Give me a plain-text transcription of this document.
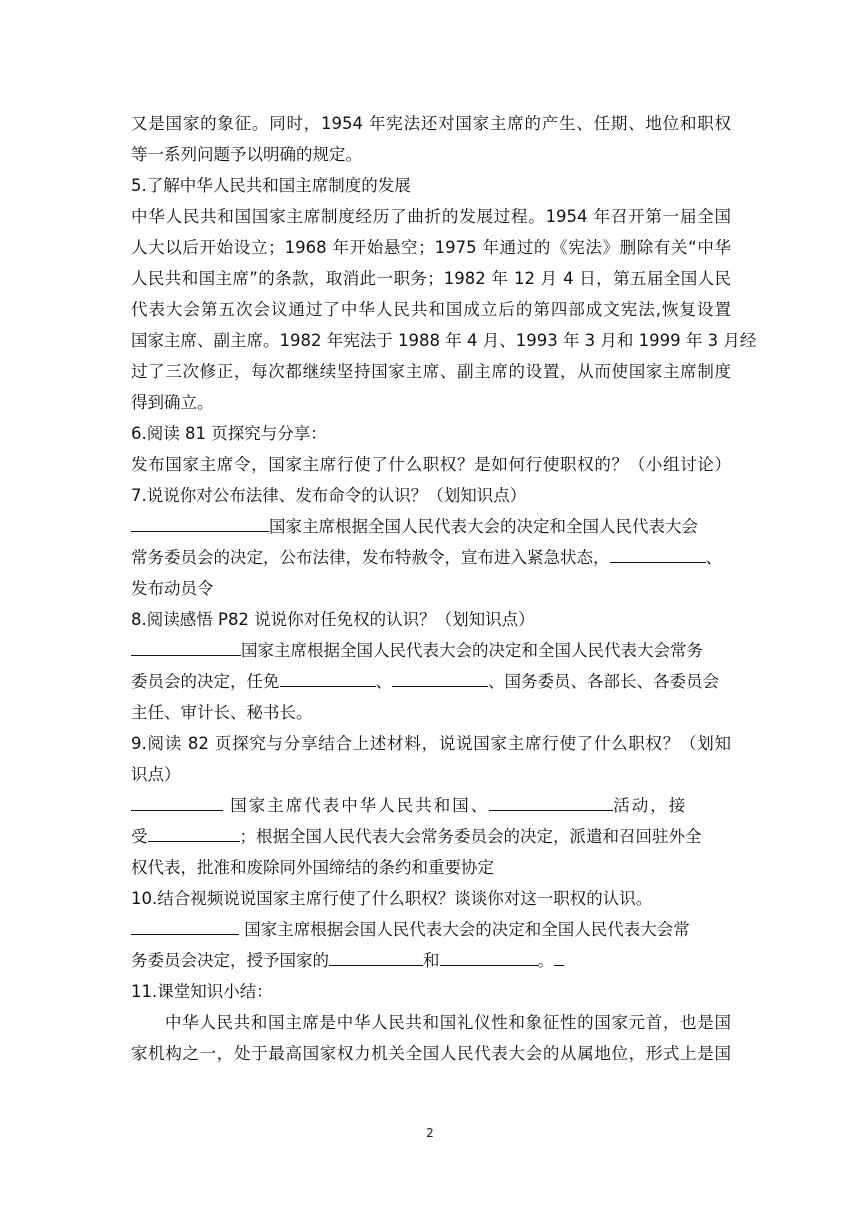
又是国家的象征。同时，1954 年宪法还对国家主席的产生、任期、地位和职权
等一系列问题予以明确的规定。
5.了解中华人民共和国主席制度的发展
中华人民共和国国家主席制度经历了曲折的发展过程。1954 年召开第一届全国
人大以后开始设立；1968 年开始悬空；1975 年通过的《宪法》删除有关“中华
人民共和国主席”的条款，取消此一职务；1982 年 12 月 4 日，第五届全国人民
代表大会第五次会议通过了中华人民共和国成立后的第四部成文宪法,恢复设置
国家主席、副主席。1982 年宪法于 1988 年 4 月、1993 年 3 月和 1999 年 3 月经
过了三次修正，每次都继续坚持国家主席、副主席的设置，从而使国家主席制度
得到确立。
6.阅读 81 页探究与分享：
发布国家主席令，国家主席行使了什么职权？是如何行使职权的？（小组讨论）
7.说说你对公布法律、发布命令的认识？（划知识点）
国家主席根据全国人民代表大会的决定和全国人民代表大会
常务委员会的决定，公布法律，发布特赦令，宣布进入紧急状态，	、
发布动员令
8.阅读感悟 P82 说说你对任免权的认识？（划知识点）
国家主席根据全国人民代表大会的决定和全国人民代表大会常务
委员会的决定，任免	、	、国务委员、各部长、各委员会
主任、审计长、秘书长。
9.阅读 82 页探究与分享结合上述材料，说说国家主席行使了什么职权？（划知
识点）
国家主席代表中华人民共和国、	活动，接
受	；根据全国人民代表大会常务委员会的决定，派遣和召回驻外全
权代表，批准和废除同外国缔结的条约和重要协定
10.结合视频说说国家主席行使了什么职权？谈谈你对这一职权的认识。
国家主席根据会国人民代表大会的决定和全国人民代表大会常
务委员会决定，授予国家的	和	。
11.课堂知识小结：
中华人民共和国主席是中华人民共和国礼仪性和象征性的国家元首，也是国
家机构之一，处于最高国家权力机关全国人民代表大会的从属地位，形式上是国
2
